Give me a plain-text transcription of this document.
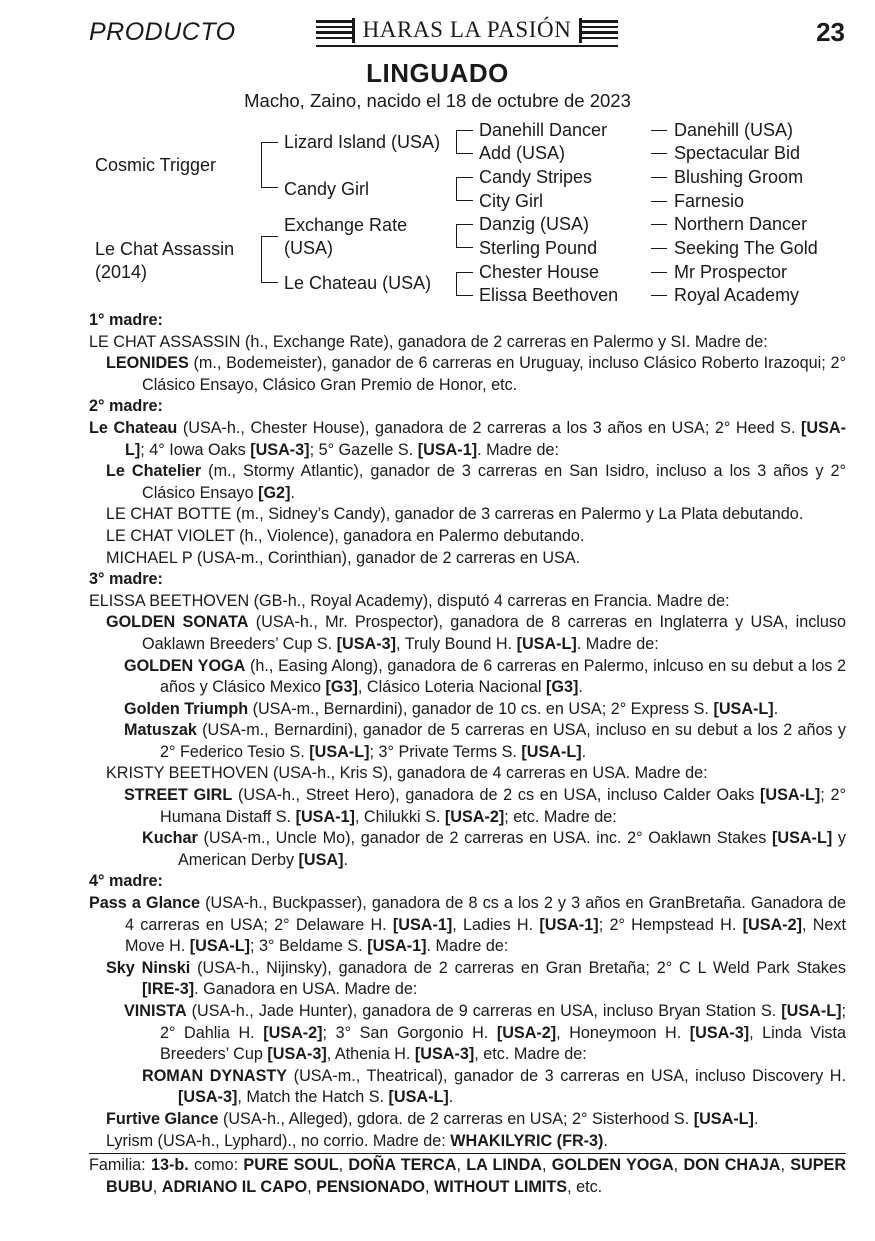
PRODUCTO	HARAS LA PASIÓN	23
LINGUADO
Macho, Zaino, nacido el 18 de octubre de 2023
Cosmic Trigger
Le Chat Assassin
(2014)
Lizard Island (USA)
Candy Girl
Exchange Rate
(USA)
Le Chateau (USA)
Danehill Dancer
Add (USA)
Candy Stripes
City Girl
Danzig (USA)
Sterling Pound
Chester House
Elissa Beethoven
Danehill (USA)
Spectacular Bid
Blushing Groom
Farnesio
Northern Dancer
Seeking The Gold
Mr Prospector
Royal Academy
1° madre:
LE CHAT ASSASSIN (h., Exchange Rate), ganadora de 2 carreras en Palermo y SI. Madre de:
LEONIDES (m., Bodemeister), ganador de 6 carreras en Uruguay, incluso Clásico Roberto Irazoqui; 2° Clásico Ensayo, Clásico Gran Premio de Honor, etc.
2° madre:
Le Chateau (USA-h., Chester House), ganadora de 2 carreras a los 3 años en USA; 2° Heed S. [USA-L]; 4° Iowa Oaks [USA-3]; 5° Gazelle S. [USA-1]. Madre de:
Le Chatelier (m., Stormy Atlantic), ganador de 3 carreras en San Isidro, incluso a los 3 años y 2° Clásico Ensayo [G2].
LE CHAT BOTTE (m., Sidney’s Candy), ganador de 3 carreras en Palermo y La Plata debutando.
LE CHAT VIOLET (h., Violence), ganadora en Palermo debutando.
MICHAEL P (USA-m., Corinthian), ganador de 2 carreras en USA.
3° madre:
ELISSA BEETHOVEN (GB-h., Royal Academy), disputó 4 carreras en Francia. Madre de:
GOLDEN SONATA (USA-h., Mr. Prospector), ganadora de 8 carreras en Inglaterra y USA, incluso Oaklawn Breeders’ Cup S. [USA-3], Truly Bound H. [USA-L]. Madre de:
GOLDEN YOGA (h., Easing Along), ganadora de 6 carreras en Palermo, inlcuso en su debut a los 2 años y Clásico Mexico [G3], Clásico Loteria Nacional [G3].
Golden Triumph (USA-m., Bernardini), ganador de 10 cs. en USA; 2° Express S. [USA-L].
Matuszak (USA-m., Bernardini), ganador de 5 carreras en USA, incluso en su debut a los 2 años y 2° Federico Tesio S. [USA-L]; 3° Private Terms S. [USA-L].
KRISTY BEETHOVEN (USA-h., Kris S), ganadora de 4 carreras en USA. Madre de:
STREET GIRL (USA-h., Street Hero), ganadora de 2 cs en USA, incluso Calder Oaks [USA-L]; 2° Humana Distaff S. [USA-1], Chilukki S. [USA-2]; etc. Madre de:
Kuchar (USA-m., Uncle Mo), ganador de 2 carreras en USA. inc. 2° Oaklawn Stakes [USA-L] y American Derby [USA].
4° madre:
Pass a Glance (USA-h., Buckpasser), ganadora de 8 cs a los 2 y 3 años en GranBretaña. Ganadora de 4 carreras en USA; 2° Delaware H. [USA-1], Ladies H. [USA-1]; 2° Hempstead H. [USA-2], Next Move H. [USA-L]; 3° Beldame S. [USA-1]. Madre de:
Sky Ninski (USA-h., Nijinsky), ganadora de 2 carreras en Gran Bretaña; 2° C L Weld Park Stakes [IRE-3]. Ganadora en USA. Madre de:
VINISTA (USA-h., Jade Hunter), ganadora de 9 carreras en USA, incluso Bryan Station S. [USA-L]; 2° Dahlia H. [USA-2]; 3° San Gorgonio H. [USA-2], Honeymoon H. [USA-3], Linda Vista Breeders’ Cup [USA-3], Athenia H. [USA-3], etc. Madre de:
ROMAN DYNASTY (USA-m., Theatrical), ganador de 3 carreras en USA, incluso Discovery H. [USA-3], Match the Hatch S. [USA-L].
Furtive Glance (USA-h., Alleged), gdora. de 2 carreras en USA; 2° Sisterhood S. [USA-L].
Lyrism (USA-h., Lyphard)., no corrio. Madre de: WHAKILYRIC (FR-3).
Familia: 13-b. como: PURE SOUL, DOÑA TERCA, LA LINDA, GOLDEN YOGA, DON CHAJA, SUPER BUBU, ADRIANO IL CAPO, PENSIONADO, WITHOUT LIMITS, etc.
